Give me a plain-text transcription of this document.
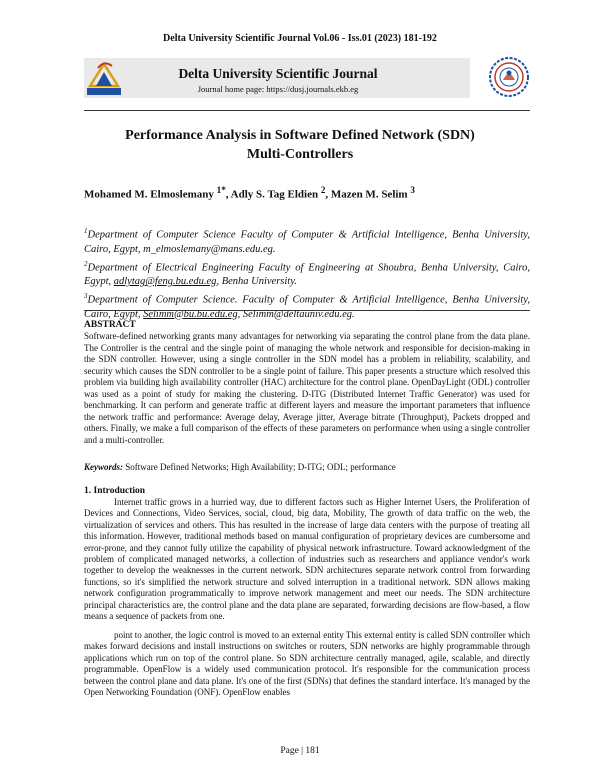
Delta University Scientific Journal Vol.06 - Iss.01 (2023) 181-192
Delta University Scientific Journal
Journal home page: https://dusj.journals.ekb.eg
Performance Analysis in Software Defined Network (SDN) Multi-Controllers
Mohamed M. Elmoslemany $^{1*}$, Adly S. Tag Eldien $^2$, Mazen M. Selim $^3$

$^1$Department of Computer Science Faculty of Computer & Artificial Intelligence, Benha University, Cairo, Egypt, m_elmoslemany@mans.edu.eg.

$^2$Department of Electrical Engineering Faculty of Engineering at Shoubra, Benha University, Cairo, Egypt, adlytag@feng.bu.edu.eg, Benha University.

$^3$Department of Computer Science. Faculty of Computer & Artificial Intelligence, Benha University, Cairo, Egypt, Selimm@bu.bu.edu.eg, Selimm@deltauniv.edu.eg.

ABSTRACT
Software-defined networking grants many advantages for networking via separating the control plane from the data plane. The Controller is the central and the single point of managing the whole network and responsible for decision-making in the SDN controller. However, using a single controller in the SDN model has a problem in reliability, scalability, and security which causes the SDN controller to be a single point of failure. This paper presents a structure which resolved this problem via building high availability controller (HAC) architecture for the control plane. OpenDayLight (ODL) controller was used as a point of study for making the clustering. D-ITG (Distributed Internet Traffic Generator) was used for benchmarking. It can perform and generate traffic at different layers and measure the important parameters that influence the network traffic and performance: Average delay, Average jitter, Average bitrate (Throughput), Packets dropped and others. Finally, we make a full comparison of the effects of these parameters on performance when using a single controller and a multi-controller.
Keywords: Software Defined Networks; High Availability; D-ITG; ODL; performance
1. Introduction
Internet traffic grows in a hurried way, due to different factors such as Higher Internet Users, the Proliferation of Devices and Connections, Video Services, social, cloud, big data, Mobility, The growth of data traffic on the web, the virtualization of services and others. This has resulted in the increase of large data centers with the purpose of treating all this information. However, traditional methods based on manual configuration of proprietary devices are cumbersome and error-prone, and they cannot fully utilize the capability of physical network infrastructure. Toward acknowledgment of the problem of complicated managed networks, a collection of industries such as researchers and appliance vendor's work together to develop the weaknesses in the current network. SDN architectures separate network control from forwarding functions, so it's simplified the network structure and solved interruption in a traditional network. SDN allows making network configuration programmatically to improve network management and meet our needs. The SDN architecture principal characteristics are, the control plane and the data plane are separated, forwarding decisions are flow-based, a flow means a sequence of packets from one.
point to another, the logic control is moved to an external entity This external entity is called SDN controller which makes forward decisions and install instructions on switches or routers, SDN networks are highly programmable through applications which run on top of the control plane. So SDN architecture centrally managed, agile, scalable, and directly programmable. OpenFlow is a widely used communication protocol. It's responsible for the communication process between the control plane and data plane. It's one of the first (SDNs) that defines the standard interface. It's managed by the Open Networking Foundation (ONF). OpenFlow enables
Page | 181
